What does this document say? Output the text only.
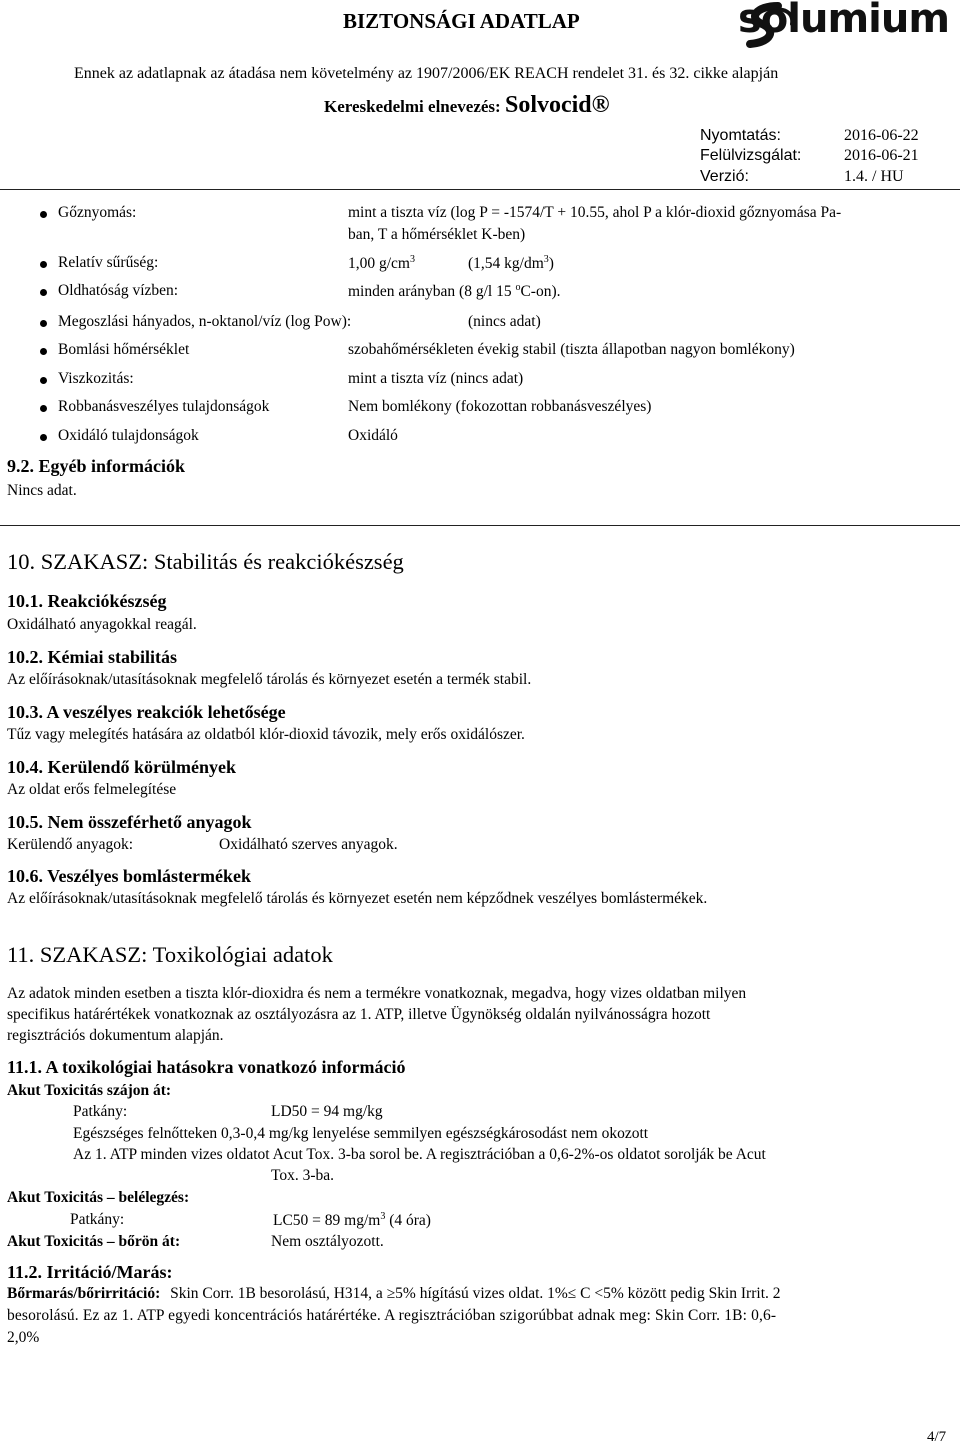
BIZTONSÁGI ADATLAP	solumium
Ennek az adatlapnak az átadása nem követelmény az 1907/2006/EK REACH rendelet 31. és 32. cikke alapján
Kereskedelmi elnevezés: Solvocid®
Nyomtatás:	2016-06-22
Felülvizsgálat:	2016-06-21
Verzió:	1.4. / HU
Gőznyomás:	mint a tiszta víz (log P = -1574/T + 10.55, ahol P a klór-dioxid gőznyomása Pa-
ban, T a hőmérséklet K-ben)
Relatív sűrűség:	1,00 $g/cm^3$	(1,54 $kg/dm^3$)
Oldhatóság vízben:	minden arányban (8 g/l 15 $^o$C-on).
Megoszlási hányados, n-oktanol/víz (log Pow):	(nincs adat)
Bomlási hőmérséklet	szobahőmérsékleten évekig stabil (tiszta állapotban nagyon bomlékony)
Viszkozitás:	mint a tiszta víz (nincs adat)
Robbanásveszélyes tulajdonságok	Nem bomlékony (fokozottan robbanásveszélyes)
Oxidáló tulajdonságok	Oxidáló
9.2. Egyéb információk
Nincs adat.
10. SZAKASZ: Stabilitás és reakciókészség
10.1. Reakciókészség
Oxidálható anyagokkal reagál.
10.2. Kémiai stabilitás
Az előírásoknak/utasításoknak megfelelő tárolás és környezet esetén a termék stabil.
10.3. A veszélyes reakciók lehetősége
Tűz vagy melegítés hatására az oldatból klór-dioxid távozik, mely erős oxidálószer.
10.4. Kerülendő körülmények
Az oldat erős felmelegítése
10.5. Nem összeférhető anyagok
Kerülendő anyagok:	Oxidálható szerves anyagok.
10.6. Veszélyes bomlástermékek
Az előírásoknak/utasításoknak megfelelő tárolás és környezet esetén nem képződnek veszélyes bomlástermékek.
11. SZAKASZ: Toxikológiai adatok
Az adatok minden esetben a tiszta klór-dioxidra és nem a termékre vonatkoznak, megadva, hogy vizes oldatban milyen
specifikus határértékek vonatkoznak az osztályozásra az 1. ATP, illetve Ügynökség oldalán nyilvánosságra hozott
regisztrációs dokumentum alapján.
11.1. A toxikológiai hatásokra vonatkozó információ
Akut Toxicitás szájon át:
Patkány:	LD50 = 94 mg/kg
Egészséges felnőtteken 0,3-0,4 mg/kg lenyelése semmilyen egészségkárosodást nem okozott
Az 1. ATP minden vizes oldatot Acut Tox. 3-ba sorol be. A regisztrációban a 0,6-2%-os oldatot sorolják be Acut
Tox. 3-ba.
Akut Toxicitás – belélegzés:
Patkány:	LC50 = 89 $mg/m^3$ (4 óra)
Akut Toxicitás – bőrön át:	Nem osztályozott.
11.2. Irritáció/Marás:
Bőrmarás/bőrirritáció: Skin Corr. 1B besorolású, H314, a ≥5% hígítású vizes oldat. 1%≤ C <5% között pedig Skin Irrit. 2
besorolású. Ez az 1. ATP egyedi koncentrációs határértéke. A regisztrációban szigorúbbat adnak meg: Skin Corr. 1B: 0,6-
2,0%
4/7
